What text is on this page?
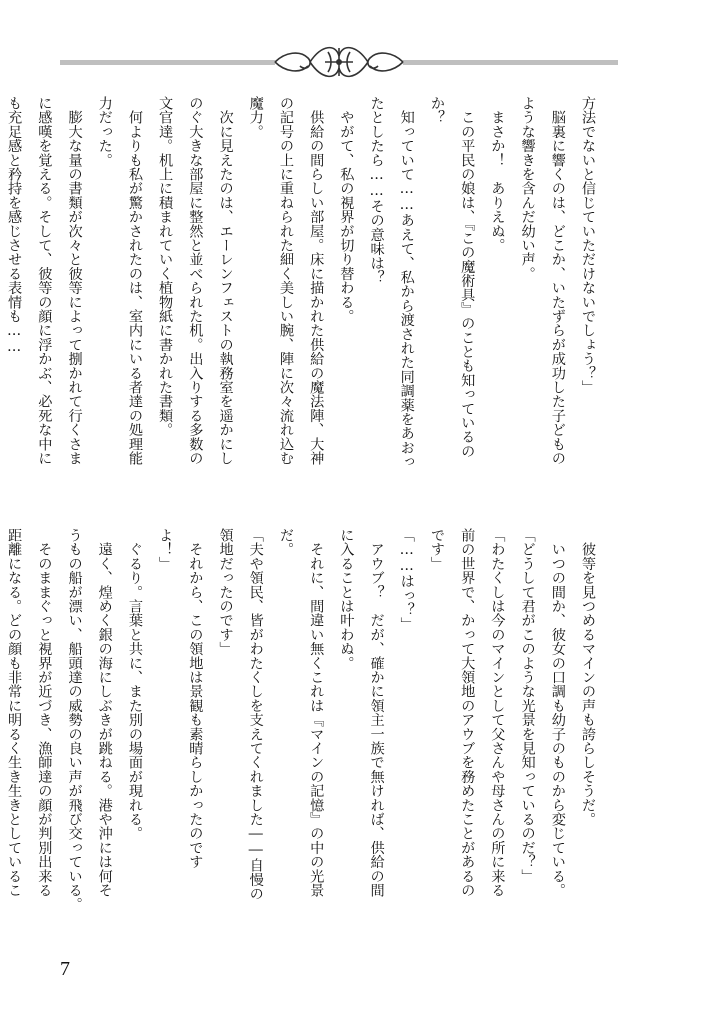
方法でないと信じていただけないでしょう？」
　脳裏に響くのは、どこか、いたずらが成功した子どもの
ような響きを含んだ幼い声。
　まさか！　ありえぬ。
　この平民の娘は、『この魔術具』のことも知っているの
か？
　知っていて……あえて、私から渡された同調薬をあおっ
たとしたら……その意味は？
　やがて、私の視界が切り替わる。
　供給の間らしい部屋。床に描かれた供給の魔法陣、大神
の記号の上に重ねられた細く美しい腕、陣に次々流れ込む
魔力。
　次に見えたのは、エーレンフェストの執務室を遥かにし
のぐ大きな部屋に整然と並べられた机。出入りする多数の
文官達。机上に積まれていく植物紙に書かれた書類。
　何よりも私が驚かされたのは、室内にいる者達の処理能
力だった。
　膨大な量の書類が次々と彼等によって捌かれて行くさま
に感嘆を覚える。そして、彼等の顔に浮かぶ、必死な中に
も充足感と矜持を感じさせる表情も……
　彼等を見つめるマインの声も誇らしそうだ。
　いつの間か、彼女の口調も幼子のものから変じている。
「どうして君がこのような光景を見知っているのだ？」
「わたくしは今のマインとして父さんや母さんの所に来る
前の世界で、かって大領地のアウブを務めたことがあるの
です」
「……はっ？」
　アウブ？　だが、確かに領主一族で無ければ、供給の間
に入ることは叶わぬ。
　それに、間違い無くこれは『マインの記憶』の中の光景
だ。
「夫や領民、皆がわたくしを支えてくれました――自慢の
領地だったのです」
　それから、この領地は景観も素晴らしかったのです
よ！」
　ぐるり。言葉と共に、また別の場面が現れる。
　遠く、煌めく銀の海にしぶきが跳ねる。港や沖には何そ
うもの船が漂い、船頭達の威勢の良い声が飛び交っている。
　そのままぐっと視界が近づき、漁師達の顔が判別出来る
距離になる。どの顔も非常に明るく生き生きとしているこ
7
